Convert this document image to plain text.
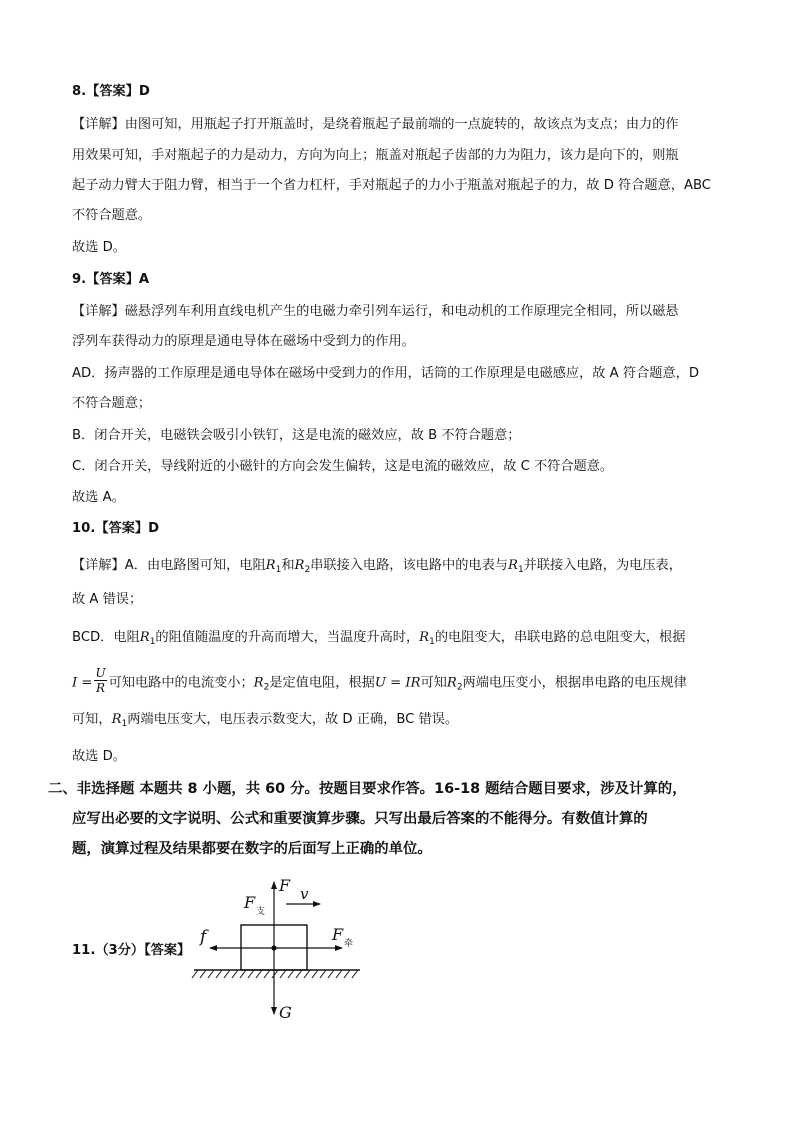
8.【答案】D
【详解】由图可知，用瓶起子打开瓶盖时，是绕着瓶起子最前端的一点旋转的，故该点为支点；由力的作
用效果可知，手对瓶起子的力是动力，方向为向上；瓶盖对瓶起子齿部的力为阻力，该力是向下的，则瓶
起子动力臂大于阻力臂，相当于一个省力杠杆，手对瓶起子的力小于瓶盖对瓶起子的力，故 D 符合题意，ABC
不符合题意。
故选 D。
9.【答案】A
【详解】磁悬浮列车利用直线电机产生的电磁力牵引列车运行，和电动机的工作原理完全相同，所以磁悬
浮列车获得动力的原理是通电导体在磁场中受到力的作用。
AD．扬声器的工作原理是通电导体在磁场中受到力的作用，话筒的工作原理是电磁感应，故 A 符合题意，D
不符合题意；
B．闭合开关，电磁铁会吸引小铁钉，这是电流的磁效应，故 B 不符合题意；
C．闭合开关，导线附近的小磁针的方向会发生偏转，这是电流的磁效应，故 C 不符合题意。
故选 A。
10.【答案】D
【详解】A．由电路图可知，电阻$R_1$和$R_2$串联接入电路，该电路中的电表与$R_1$并联接入电路，为电压表，
故 A 错误；
BCD．电阻$R_1$的阻值随温度的升高而增大，当温度升高时，$R_1$的电阻变大，串联电路的总电阻变大，根据
$I = \frac{U}{R}$ 可知电路中的电流变小；$R_2$是定值电阻，根据U = IR可知$R_2$两端电压变小，根据串电路的电压规律
可知，$R_1$两端电压变大，电压表示数变大，故 D 正确，BC 错误。
故选 D。
二、非选择题 本题共 8 小题，共 60 分。按题目要求作答。16-18 题结合题目要求，涉及计算的，
应写出必要的文字说明、公式和重要演算步骤。只写出最后答案的不能得分。有数值计算的
题，演算过程及结果都要在数字的后面写上正确的单位。
11.（3分）【答案】
F v
F 支
f	F 牵
G
